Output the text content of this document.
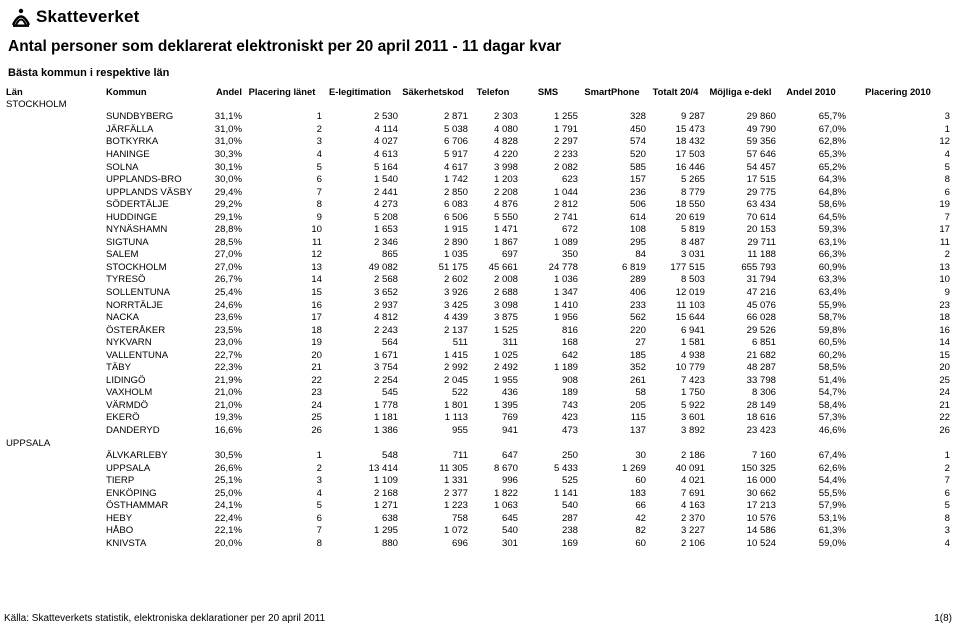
Skatteverket
Antal personer som deklarerat elektroniskt per 20 april 2011 - 11 dagar kvar
Bästa kommun i respektive län
Län	Kommun	Andel	Placering länet	E-legitimation	Säkerhetskod	Telefon	SMS	SmartPhone	Totalt 20/4	Möjliga e-dekl	Andel 2010	Placering 2010
STOCKHOLM												
	SUNDBYBERG	31,1%	1	2 530	2 871	2 303	1 255	328	9 287	29 860	65,7%	3
	JÄRFÄLLA	31,0%	2	4 114	5 038	4 080	1 791	450	15 473	49 790	67,0%	1
	BOTKYRKA	31,0%	3	4 027	6 706	4 828	2 297	574	18 432	59 356	62,8%	12
	HANINGE	30,3%	4	4 613	5 917	4 220	2 233	520	17 503	57 646	65,3%	4
	SOLNA	30,1%	5	5 164	4 617	3 998	2 082	585	16 446	54 457	65,2%	5
	UPPLANDS-BRO	30,0%	6	1 540	1 742	1 203	623	157	5 265	17 515	64,3%	8
	UPPLANDS VÄSBY	29,4%	7	2 441	2 850	2 208	1 044	236	8 779	29 775	64,8%	6
	SÖDERTÄLJE	29,2%	8	4 273	6 083	4 876	2 812	506	18 550	63 434	58,6%	19
	HUDDINGE	29,1%	9	5 208	6 506	5 550	2 741	614	20 619	70 614	64,5%	7
	NYNÄSHAMN	28,8%	10	1 653	1 915	1 471	672	108	5 819	20 153	59,3%	17
	SIGTUNA	28,5%	11	2 346	2 890	1 867	1 089	295	8 487	29 711	63,1%	11
	SALEM	27,0%	12	865	1 035	697	350	84	3 031	11 188	66,3%	2
	STOCKHOLM	27,0%	13	49 082	51 175	45 661	24 778	6 819	177 515	655 793	60,9%	13
	TYRESÖ	26,7%	14	2 568	2 602	2 008	1 036	289	8 503	31 794	63,3%	10
	SOLLENTUNA	25,4%	15	3 652	3 926	2 688	1 347	406	12 019	47 216	63,4%	9
	NORRTÄLJE	24,6%	16	2 937	3 425	3 098	1 410	233	11 103	45 076	55,9%	23
	NACKA	23,6%	17	4 812	4 439	3 875	1 956	562	15 644	66 028	58,7%	18
	ÖSTERÅKER	23,5%	18	2 243	2 137	1 525	816	220	6 941	29 526	59,8%	16
	NYKVARN	23,0%	19	564	511	311	168	27	1 581	6 851	60,5%	14
	VALLENTUNA	22,7%	20	1 671	1 415	1 025	642	185	4 938	21 682	60,2%	15
	TÄBY	22,3%	21	3 754	2 992	2 492	1 189	352	10 779	48 287	58,5%	20
	LIDINGÖ	21,9%	22	2 254	2 045	1 955	908	261	7 423	33 798	51,4%	25
	VAXHOLM	21,0%	23	545	522	436	189	58	1 750	8 306	54,7%	24
	VÄRMDÖ	21,0%	24	1 778	1 801	1 395	743	205	5 922	28 149	58,4%	21
	EKERÖ	19,3%	25	1 181	1 113	769	423	115	3 601	18 616	57,3%	22
	DANDERYD	16,6%	26	1 386	955	941	473	137	3 892	23 423	46,6%	26
UPPSALA												
	ÄLVKARLEBY	30,5%	1	548	711	647	250	30	2 186	7 160	67,4%	1
	UPPSALA	26,6%	2	13 414	11 305	8 670	5 433	1 269	40 091	150 325	62,6%	2
	TIERP	25,1%	3	1 109	1 331	996	525	60	4 021	16 000	54,4%	7
	ENKÖPING	25,0%	4	2 168	2 377	1 822	1 141	183	7 691	30 662	55,5%	6
	ÖSTHAMMAR	24,1%	5	1 271	1 223	1 063	540	66	4 163	17 213	57,9%	5
	HEBY	22,4%	6	638	758	645	287	42	2 370	10 576	53,1%	8
	HÅBO	22,1%	7	1 295	1 072	540	238	82	3 227	14 586	61,3%	3
	KNIVSTA	20,0%	8	880	696	301	169	60	2 106	10 524	59,0%	4
Källa: Skatteverkets statistik, elektroniska deklarationer per 20 april 2011	1(8)
